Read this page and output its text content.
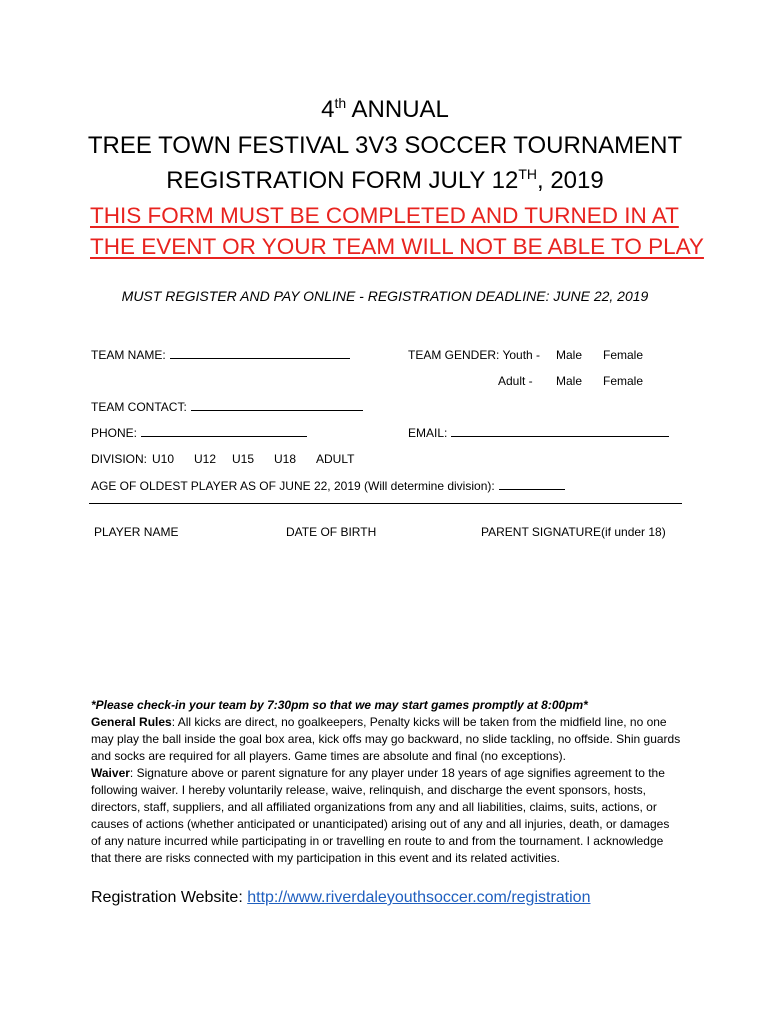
4th ANNUAL
TREE TOWN FESTIVAL 3V3 SOCCER TOURNAMENT
REGISTRATION FORM JULY 12TH, 2019
THIS FORM MUST BE COMPLETED AND TURNED IN AT
THE EVENT OR YOUR TEAM WILL NOT BE ABLE TO PLAY
MUST REGISTER AND PAY ONLINE - REGISTRATION DEADLINE: JUNE 22, 2019
TEAM NAME:	TEAM GENDER: Youth - Male Female
Adult - Male Female
TEAM CONTACT:
PHONE:	EMAIL:
DIVISION: U10 U12 U15 U18 ADULT
AGE OF OLDEST PLAYER AS OF JUNE 22, 2019 (Will determine division):
PLAYER NAME	DATE OF BIRTH	PARENT SIGNATURE(if under 18)

*Please check-in your team by 7:30pm so that we may start games promptly at 8:00pm*

General Rules: All kicks are direct, no goalkeepers, Penalty kicks will be taken from the midfield line, no one may play the ball inside the goal box area, kick offs may go backward, no slide tackling, no offside. Shin guards and socks are required for all players. Game times are absolute and final (no exceptions).

Waiver: Signature above or parent signature for any player under 18 years of age signifies agreement to the following waiver. I hereby voluntarily release, waive, relinquish, and discharge the event sponsors, hosts, directors, staff, suppliers, and all affiliated organizations from any and all liabilities, claims, suits, actions, or causes of actions (whether anticipated or unanticipated) arising out of any and all injuries, death, or damages of any nature incurred while participating in or travelling en route to and from the tournament. I acknowledge that there are risks connected with my participation in this event and its related activities.

Registration Website: http://www.riverdaleyouthsoccer.com/registration
